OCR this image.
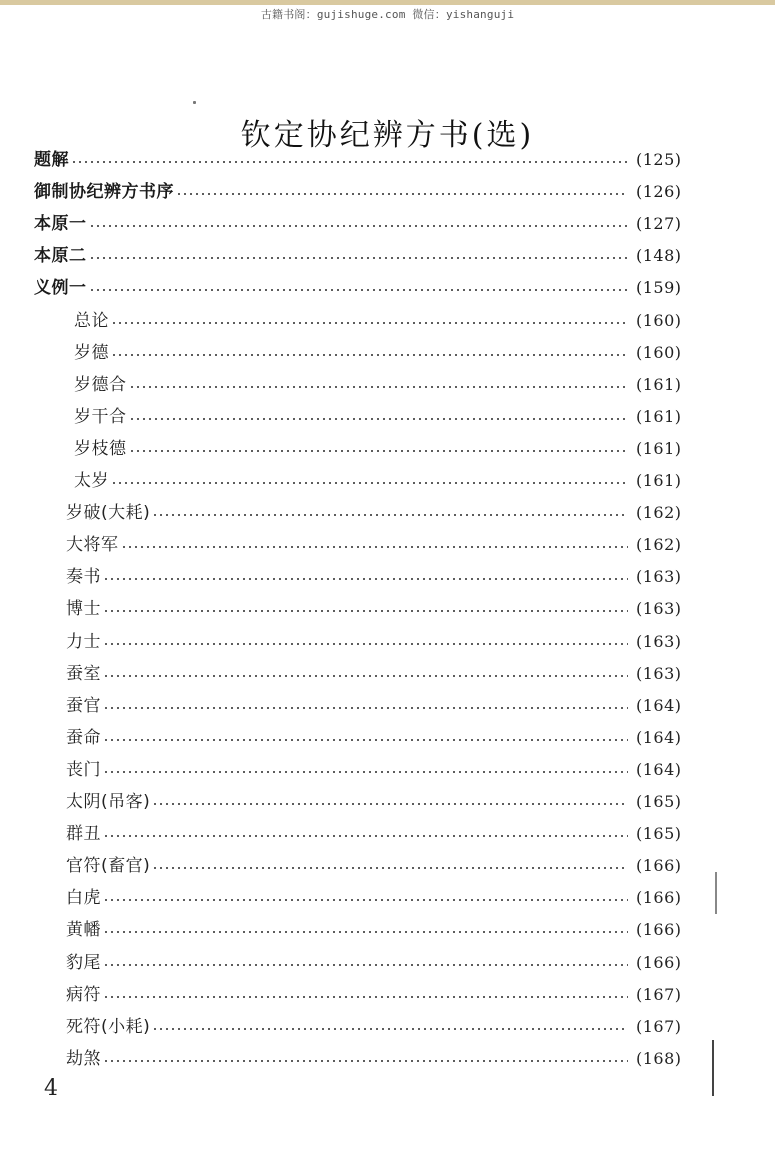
古籍书阁：gujishuge.com 微信：yishanguji
钦定协纪辨方书(选)
题解	(125)
御制协纪辨方书序	(126)
本原一	(127)
本原二	(148)
义例一	(159)
总论	(160)
岁德	(160)
岁德合	(161)
岁干合	(161)
岁枝德	(161)
太岁	(161)
岁破(大耗)	(162)
大将军	(162)
奏书	(163)
博士	(163)
力士	(163)
蚕室	(163)
蚕官	(164)
蚕命	(164)
丧门	(164)
太阴(吊客)	(165)
群丑	(165)
官符(畜官)	(166)
白虎	(166)
黄幡	(166)
豹尾	(166)
病符	(167)
死符(小耗)	(167)
劫煞	(168)
4
